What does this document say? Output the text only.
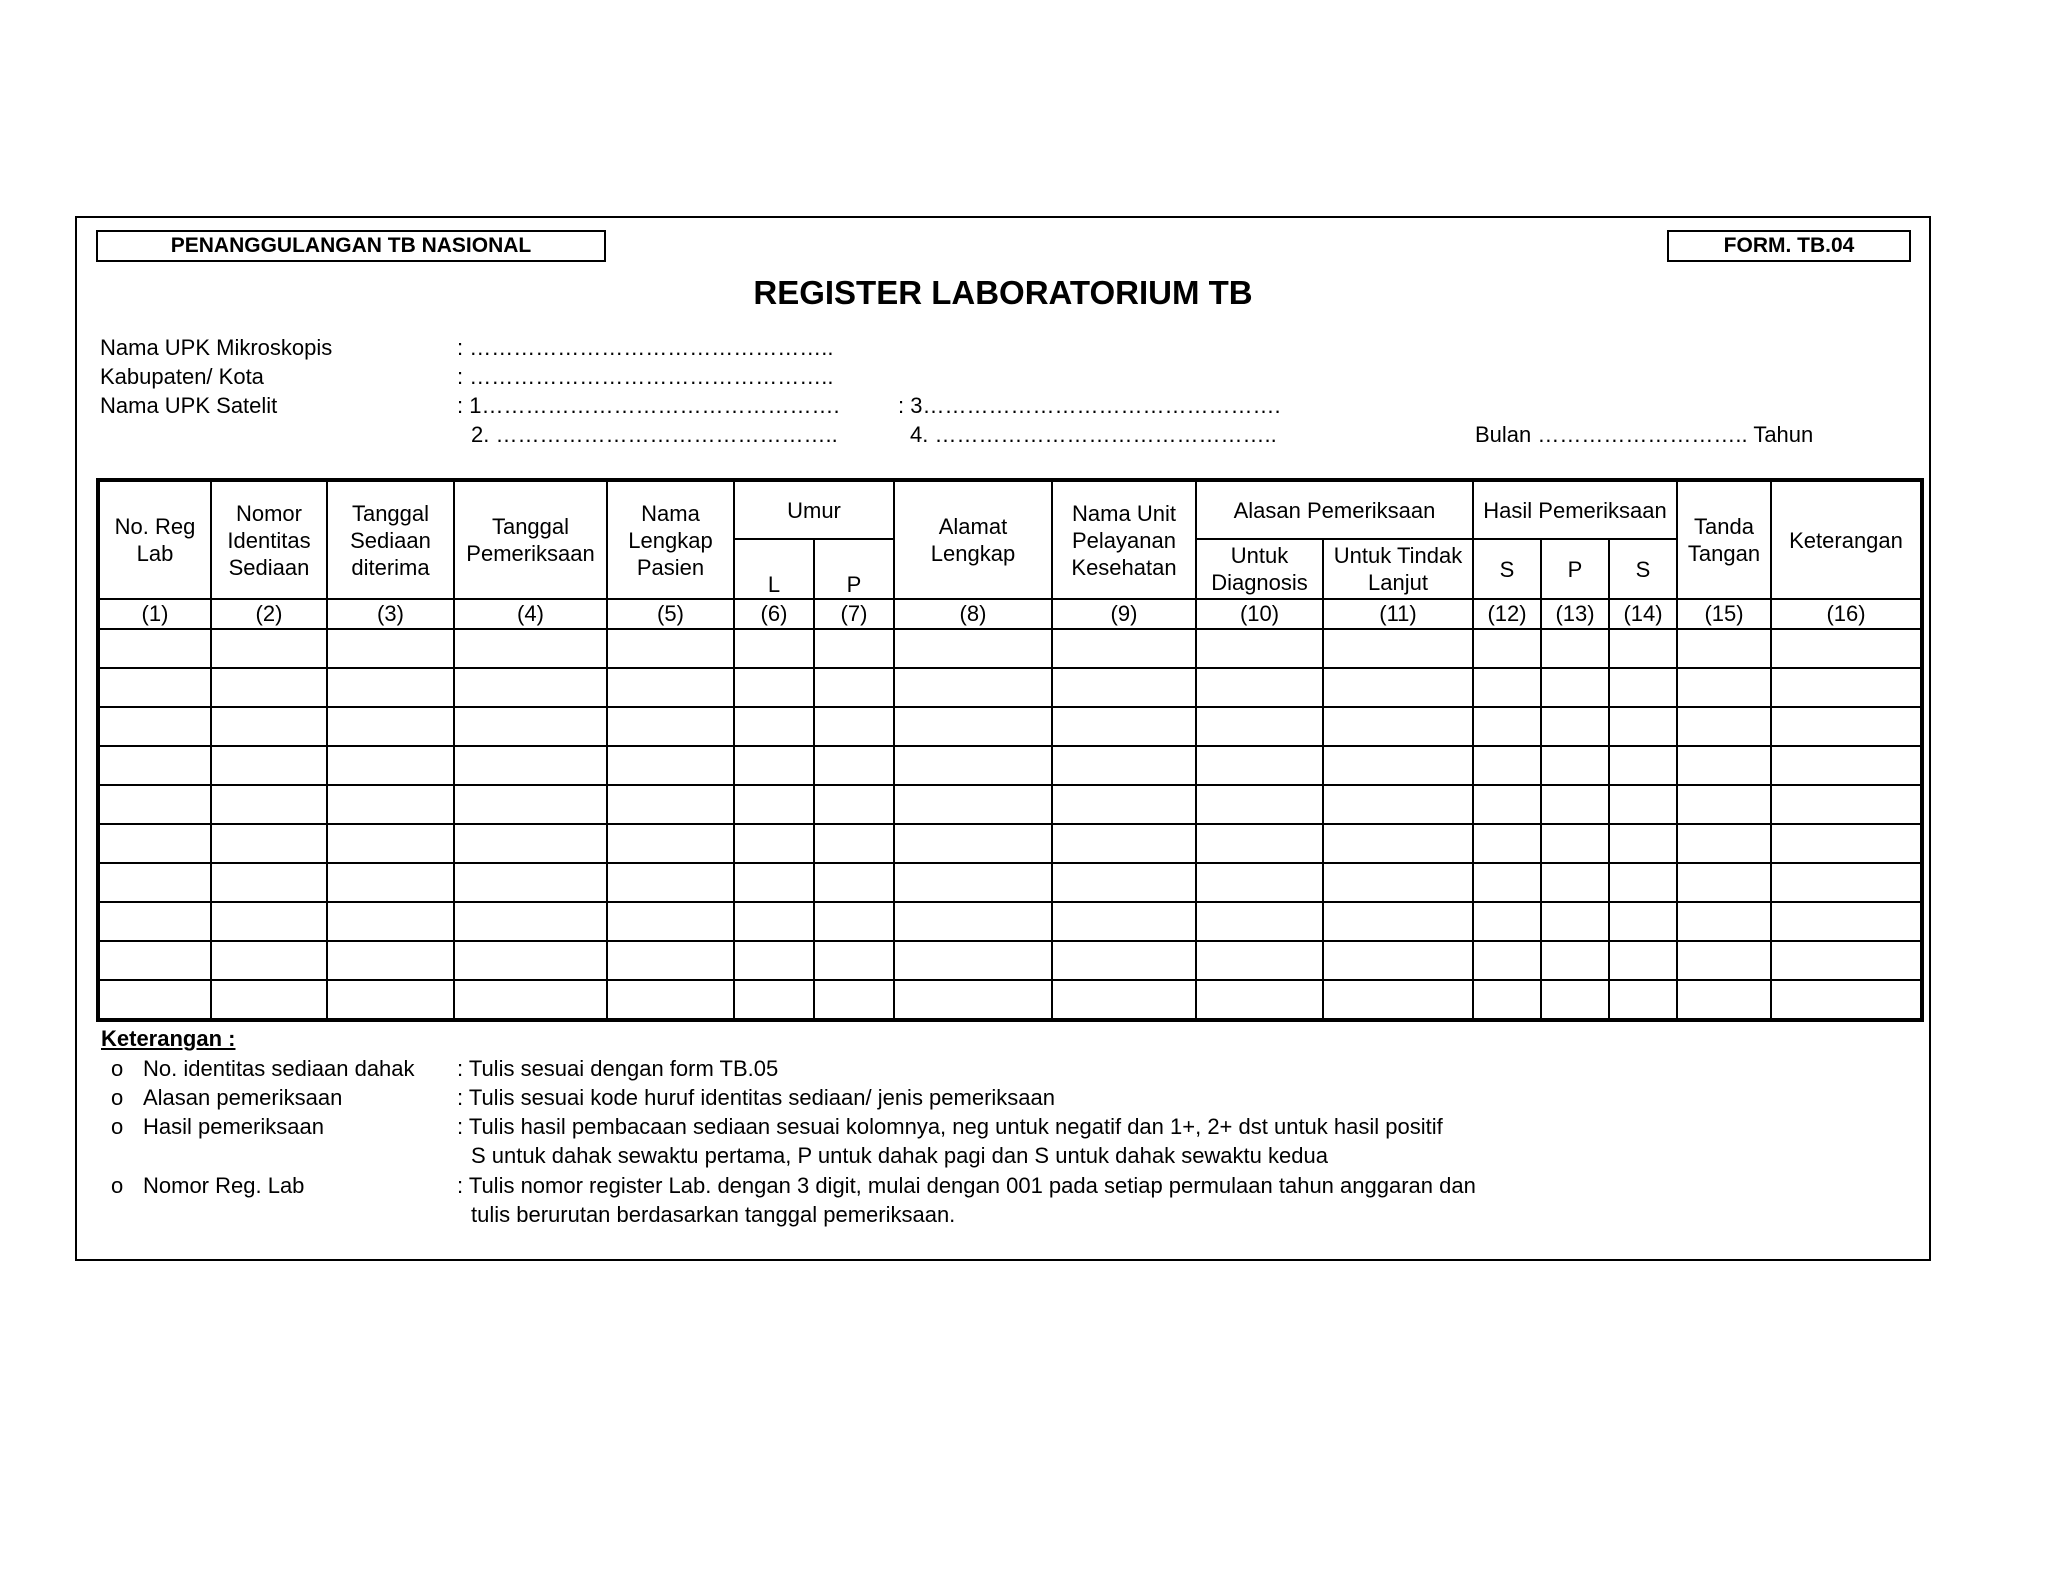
PENANGGULANGAN TB NASIONAL	FORM. TB.04
REGISTER LABORATORIUM TB
Nama UPK Mikroskopis	: …………………………………………..
Kabupaten/ Kota	: …………………………………………..
Nama UPK Satelit	: 1………………………………………….	: 3………………………………………….
2. ………………………………………..	4. ………………………………………..	Bulan ……………………….. Tahun
No. Reg Lab	Nomor Identitas Sediaan	Tanggal Sediaan diterima	Tanggal Pemeriksaan	Nama Lengkap Pasien	Umur		Alamat Lengkap	Nama Unit Pelayanan Kesehatan	Alasan Pemeriksaan		Hasil Pemeriksaan			Tanda Tangan	Keterangan
					L	P			Untuk Diagnosis	Untuk Tindak Lanjut	S	P	S		
(1)	(2)	(3)	(4)	(5)	(6)	(7)	(8)	(9)	(10)	(11)	(12)	(13)	(14)	(15)	(16)

Keterangan :
o No. identitas sediaan dahak : Tulis sesuai dengan form TB.05
o Alasan pemeriksaan	: Tulis sesuai kode huruf identitas sediaan/ jenis pemeriksaan
o Hasil pemeriksaan	: Tulis hasil pembacaan sediaan sesuai kolomnya, neg untuk negatif dan 1+, 2+ dst untuk hasil positif
S untuk dahak sewaktu pertama, P untuk dahak pagi dan S untuk dahak sewaktu kedua
o Nomor Reg. Lab	: Tulis nomor register Lab. dengan 3 digit, mulai dengan 001 pada setiap permulaan tahun anggaran dan
tulis berurutan berdasarkan tanggal pemeriksaan.
